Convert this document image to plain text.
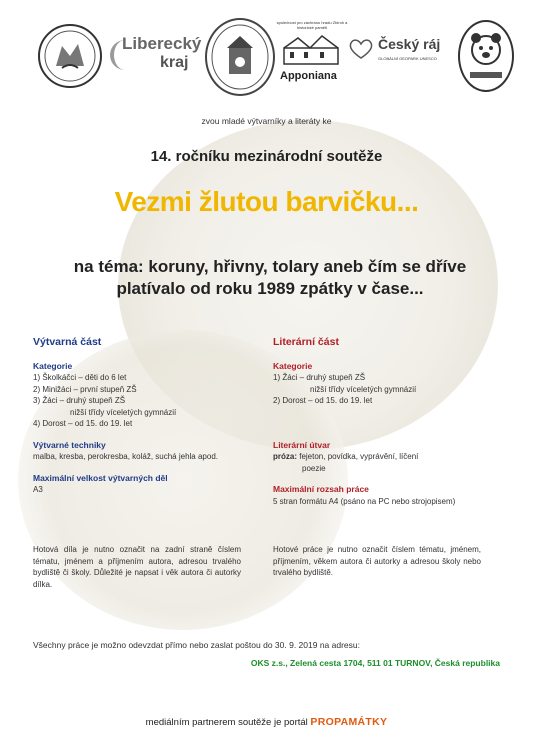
Liberecký
kraj
společnost pro záchranu hradu Zbiroh a historické paměti
Apponiana
Český ráj
GLOBÁLNÍ GEOPARK UNESCO
zvou mladé výtvarníky a literáty ke
14. ročníku mezinárodní soutěže
Vezmi žlutou barvičku...
na téma: koruny, hřivny, tolary aneb čím se dříve
platívalo od roku 1989 zpátky v čase...
Výtvarná část
Kategorie
1) Školkáčci – děti do 6 let
2) Minižáci – první stupeň ZŠ
3) Žáci – druhý stupeň ZŠ
nižší třídy víceletých gymnázií
4) Dorost – od 15. do 19. let
Výtvarné techniky
malba, kresba, perokresba, koláž, suchá jehla apod.
Maximální velkost výtvarných děl
A3
Literární část
Kategorie
1) Žáci – druhý stupeň ZŠ
nižší třídy víceletých gymnázií
2) Dorost – od 15. do 19. let
Literární útvar
próza: fejeton, povídka, vyprávění, líčení
poezie
Maximální rozsah práce
5 stran formátu A4 (psáno na PC nebo strojopisem)
Hotová díla je nutno označit na zadní straně číslem tématu, jménem a příjmením autora, adresou trvalého bydliště či školy. Důležité je napsat i věk autora či autorky dílka.
Hotové práce je nutno označit číslem tématu, jménem, příjmením, věkem autora či autorky a adresou školy nebo trvalého bydliště.
Všechny práce je možno odevzdat přímo nebo zaslat poštou do 30. 9. 2019 na adresu:
OKS z.s., Zelená cesta 1704, 511 01 TURNOV, Česká republika
mediálním partnerem soutěže je portál PROPAMÁTKY
